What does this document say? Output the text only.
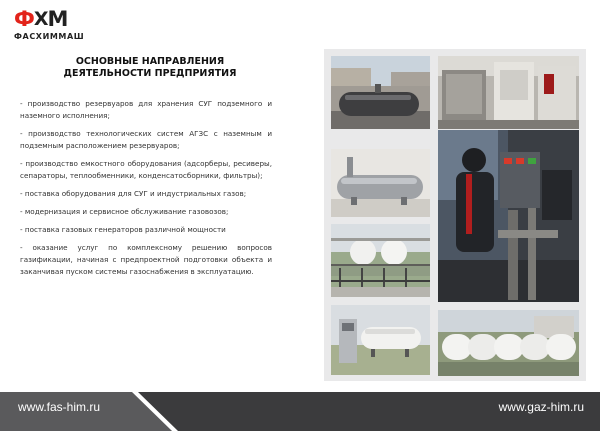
Ф Х М
ФАСХИММАШ
ОСНОВНЫЕ НАПРАВЛЕНИЯ
ДЕЯТЕЛЬНОСТИ ПРЕДПРИЯТИЯ
- производство резервуаров для хранения СУГ подземного и наземного исполнения;
- производство технологических систем АГЗС с наземным и подземным расположением резервуаров;
- производство емкостного оборудования (адсорберы, ресиверы, сепараторы, теплообменники, конденсатосборники, фильтры);
- поставка оборудования для СУГ и индустриальных газов;
- модернизация и сервисное обслуживание газовозов;
- поставка газовых генераторов различной мощности
- оказание услуг по комплексному решению вопросов газификации, начиная с предпроектной подготовки объекта и заканчивая пуском системы газоснабжения в эксплуатацию.
www.fas-him.ru	www.gaz-him.ru
